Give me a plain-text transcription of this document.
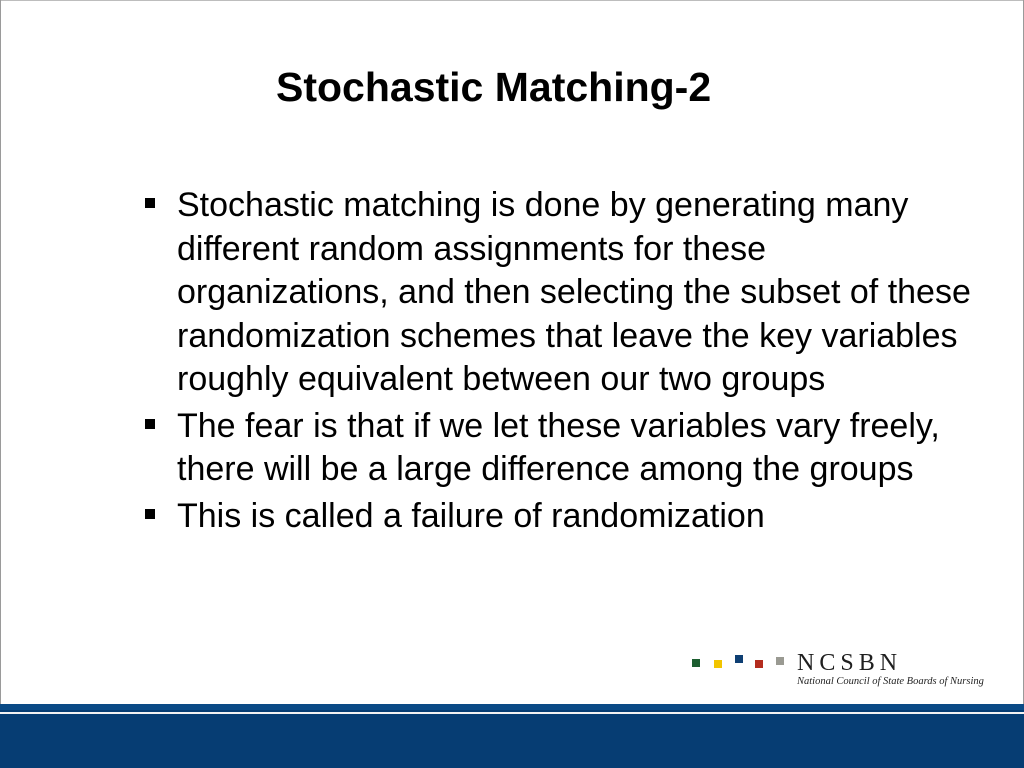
Stochastic Matching-2
Stochastic matching is done by generating many different random assignments for these organizations, and then selecting the subset of these randomization schemes that leave the key variables roughly equivalent between our two groups
The fear is that if we let these variables vary freely, there will be a large difference among the groups
This is called a failure of randomization
NCSBN
National Council of State Boards of Nursing
